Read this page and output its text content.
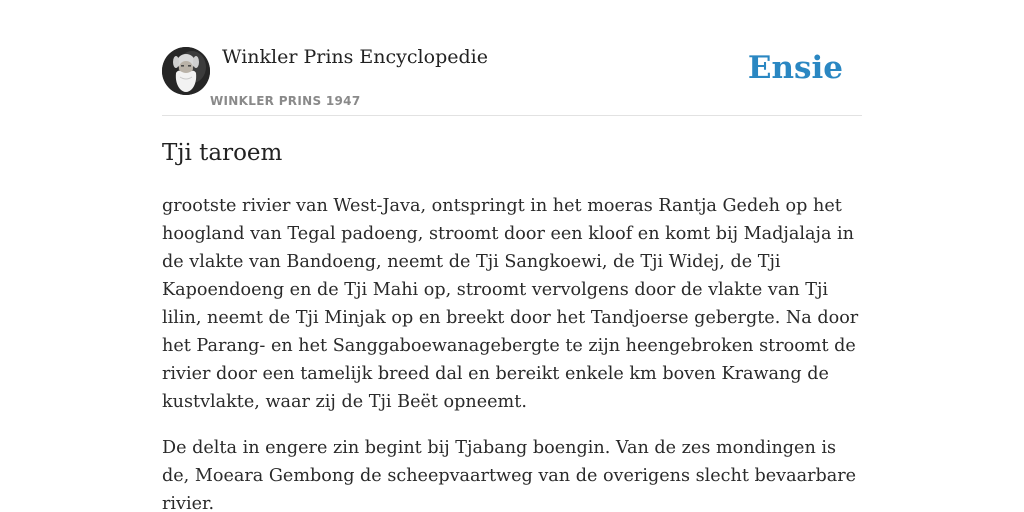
Winkler Prins Encyclopedie
WINKLER PRINS 1947
Ensie
Tji taroem

grootste rivier van West-Java, ontspringt in het moeras Rantja Gedeh op het hoogland van Tegal padoeng, stroomt door een kloof en komt bij Madjalaja in de vlakte van Bandoeng, neemt de Tji Sangkoewi, de Tji Widej, de Tji Kapoendoeng en de Tji Mahi op, stroomt vervolgens door de vlakte van Tji lilin, neemt de Tji Minjak op en breekt door het Tandjoerse gebergte. Na door het Parang- en het Sanggaboewanagebergte te zijn heengebroken stroomt de rivier door een tamelijk breed dal en bereikt enkele km boven Krawang de kustvlakte, waar zij de Tji Beët opneemt.

De delta in engere zin begint bij Tjabang boengin. Van de zes mondingen is de, Moeara Gembong de scheepvaartweg van de overigens slecht bevaarbare rivier.
